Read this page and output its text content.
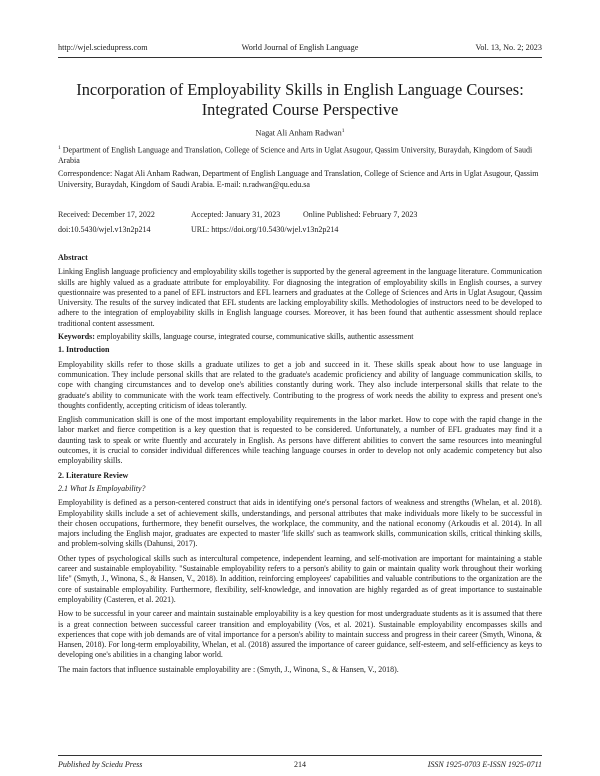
http://wjel.sciedupress.com	World Journal of English Language	Vol. 13, No. 2; 2023
Incorporation of Employability Skills in English Language Courses:
Integrated Course Perspective
Nagat Ali Anham Radwan$^1$
$^1$ Department of English Language and Translation, College of Science and Arts in Uglat Asugour, Qassim University, Buraydah, Kingdom of Saudi Arabia
Correspondence: Nagat Ali Anham Radwan, Department of English Language and Translation, College of Science and Arts in Uglat Asugour, Qassim University, Buraydah, Kingdom of Saudi Arabia. E-mail: n.radwan@qu.edu.sa
Received: December 17, 2022	Accepted: January 31, 2023	Online Published: February 7, 2023
doi:10.5430/wjel.v13n2p214	URL: https://doi.org/10.5430/wjel.v13n2p214
Abstract
Linking English language proficiency and employability skills together is supported by the general agreement in the language literature. Communication skills are highly valued as a graduate attribute for employability. For diagnosing the integration of employability skills in English courses, a survey questionnaire was presented to a panel of EFL instructors and EFL learners and graduates at the College of Sciences and Arts in Uglat Asugour, Qassim University. The results of the survey indicated that EFL students are lacking employability skills. Methodologies of instructors need to be developed to adhere to the integration of employability skills in English language courses. Moreover, it has been found that authentic assessment should replace traditional content assessment.
Keywords: employability skills, language course, integrated course, communicative skills, authentic assessment
1. Introduction
Employability skills refer to those skills a graduate utilizes to get a job and succeed in it. These skills speak about how to use language in communication. They include personal skills that are related to the graduate's academic proficiency and ability of language communication skills, to cope with changing circumstances and to develop one's abilities constantly during work. They also include interpersonal skills that relate to the graduate's ability to communicate with the work team effectively. Contributing to the progress of work needs the ability to express and present one's thoughts confidently, accepting criticism of ideas tolerantly.
English communication skill is one of the most important employability requirements in the labor market. How to cope with the rapid change in the labor market and fierce competition is a key question that is requested to be considered. Unfortunately, a number of EFL graduates may find it a daunting task to speak or write fluently and accurately in English. As persons have different abilities to convert the same resources into meaningful outcomes, it is crucial to consider individual differences while teaching language courses in order to develop not only academic competency but also employability skills.
2. Literature Review
2.1 What Is Employability?
Employability is defined as a person-centered construct that aids in identifying one's personal factors of weakness and strengths (Whelan, et al. 2018). Employability skills include a set of achievement skills, understandings, and personal attributes that make individuals more likely to be successful in their chosen occupations, furthermore, they benefit ourselves, the workplace, the community, and the national economy (Arkoudis et al. 2014). In all majors including the English major, graduates are expected to master 'life skills' such as teamwork skills, communication skills, critical thinking skills, and problem-solving skills (Dahunsi, 2017).
Other types of psychological skills such as intercultural competence, independent learning, and self-motivation are important for maintaining a stable career and sustainable employability. "Sustainable employability refers to a person's ability to gain or maintain quality work throughout their working life" (Smyth, J., Winona, S., & Hansen, V., 2018). In addition, reinforcing employees' capabilities and valuable contributions to the organization are the core of sustainable employability. Furthermore, flexibility, self-knowledge, and innovation are highly regarded as of great importance to sustainable employability (Casteren, et al. 2021).
How to be successful in your career and maintain sustainable employability is a key question for most undergraduate students as it is assumed that there is a great connection between successful career transition and employability (Vos, et al. 2021). Sustainable employability encompasses skills and experiences that cope with job demands are of vital importance for a person's ability to maintain success and progress in their career (Smyth, Winona, & Hansen, 2018). For long-term employability, Whelan, et al. (2018) assured the importance of career guidance, self-esteem, and self-efficiency as keys to developing one's abilities in a changing labor world.
The main factors that influence sustainable employability are : (Smyth, J., Winona, S., & Hansen, V., 2018).
Published by Sciedu Press	214	ISSN 1925-0703 E-ISSN 1925-0711
